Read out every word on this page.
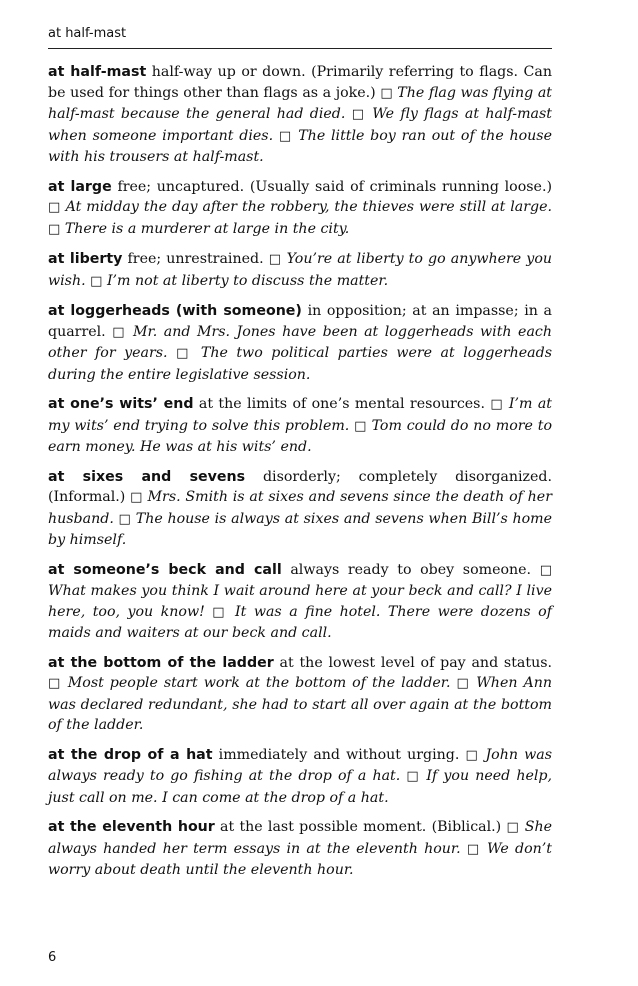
at half-mast

at half-mast half-way up or down. (Primarily referring to flags. Can be used for things other than flags as a joke.) □ The flag was flying at half-mast because the general had died. □ We fly flags at half-mast when someone important dies. □ The little boy ran out of the house with his trousers at half-mast.

at large free; uncaptured. (Usually said of criminals running loose.) □ At midday the day after the robbery, the thieves were still at large. □ There is a murderer at large in the city.

at liberty free; unrestrained. □ You’re at liberty to go anywhere you wish. □ I’m not at liberty to discuss the matter.

at loggerheads (with someone) in opposition; at an impasse; in a quarrel. □ Mr. and Mrs. Jones have been at loggerheads with each other for years. □ The two political parties were at loggerheads during the entire legislative session.

at one’s wits’ end at the limits of one’s mental resources. □ I’m at my wits’ end trying to solve this problem. □ Tom could do no more to earn money. He was at his wits’ end.

at sixes and sevens disorderly; completely disorganized. (Informal.) □ Mrs. Smith is at sixes and sevens since the death of her husband. □ The house is always at sixes and sevens when Bill’s home by himself.

at someone’s beck and call always ready to obey someone. □ What makes you think I wait around here at your beck and call? I live here, too, you know! □ It was a fine hotel. There were dozens of maids and waiters at our beck and call.

at the bottom of the ladder at the lowest level of pay and status. □ Most people start work at the bottom of the ladder. □ When Ann was declared redundant, she had to start all over again at the bottom of the ladder.

at the drop of a hat immediately and without urging. □ John was always ready to go fishing at the drop of a hat. □ If you need help, just call on me. I can come at the drop of a hat.

at the eleventh hour at the last possible moment. (Biblical.) □ She always handed her term essays in at the eleventh hour. □ We don’t worry about death until the eleventh hour.

6
